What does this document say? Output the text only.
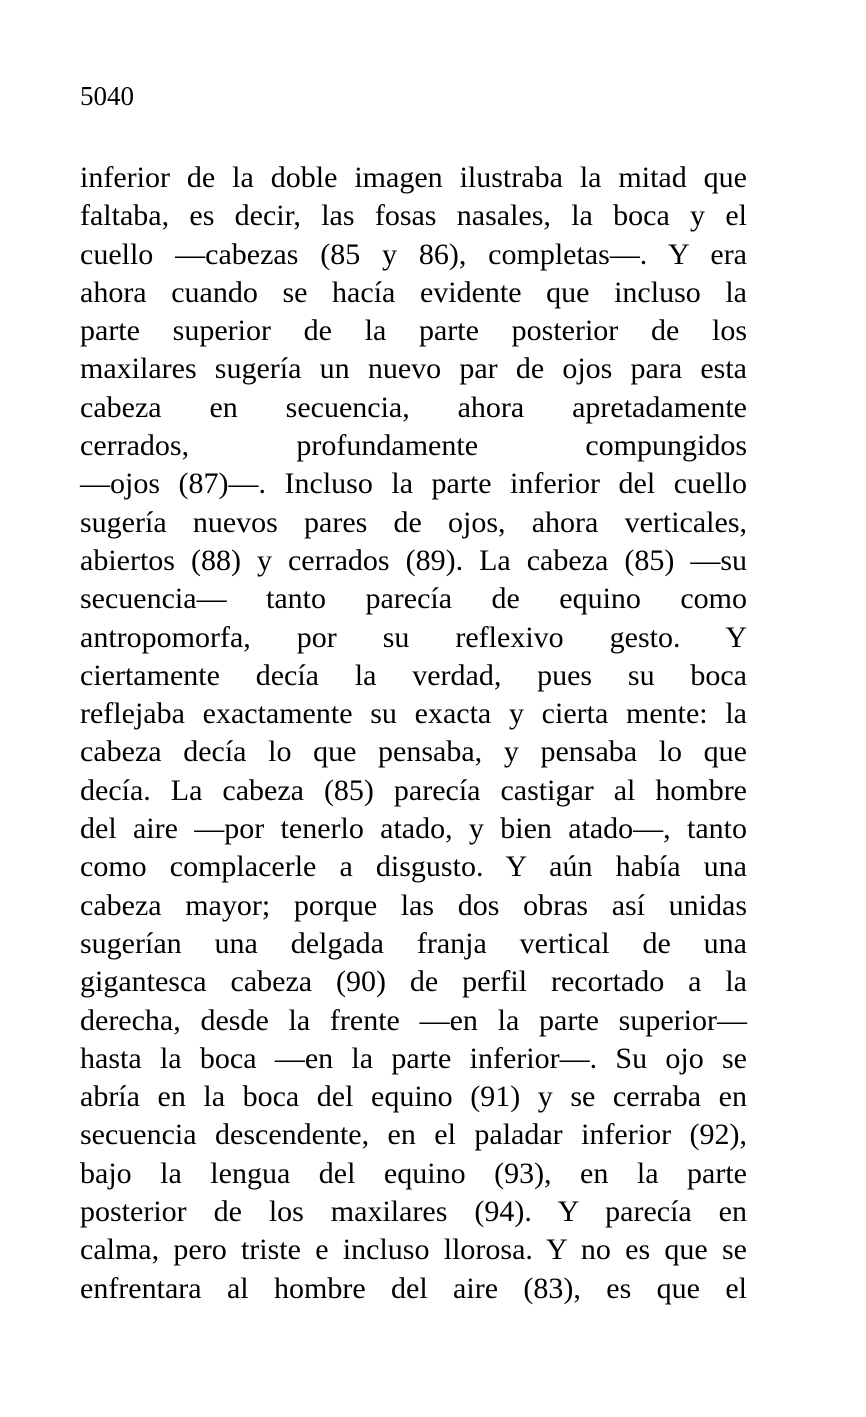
5040

inferior de la doble imagen ilustraba la mitad que
faltaba, es decir, las fosas nasales, la boca y el
cuello —cabezas (85 y 86), completas—. Y era
ahora cuando se hacía evidente que incluso la
parte superior de la parte posterior de los
maxilares sugería un nuevo par de ojos para esta
cabeza en secuencia, ahora apretadamente
cerrados, profundamente compungidos
—ojos (87)—. Incluso la parte inferior del cuello
sugería nuevos pares de ojos, ahora verticales,
abiertos (88) y cerrados (89). La cabeza (85) —su
secuencia— tanto parecía de equino como
antropomorfa, por su reflexivo gesto. Y
ciertamente decía la verdad, pues su boca
reflejaba exactamente su exacta y cierta mente: la
cabeza decía lo que pensaba, y pensaba lo que
decía. La cabeza (85) parecía castigar al hombre
del aire —por tenerlo atado, y bien atado—, tanto
como complacerle a disgusto. Y aún había una
cabeza mayor; porque las dos obras así unidas
sugerían una delgada franja vertical de una
gigantesca cabeza (90) de perfil recortado a la
derecha, desde la frente —en la parte superior—
hasta la boca —en la parte inferior—. Su ojo se
abría en la boca del equino (91) y se cerraba en
secuencia descendente, en el paladar inferior (92),
bajo la lengua del equino (93), en la parte
posterior de los maxilares (94). Y parecía en
calma, pero triste e incluso llorosa. Y no es que se
enfrentara al hombre del aire (83), es que el
